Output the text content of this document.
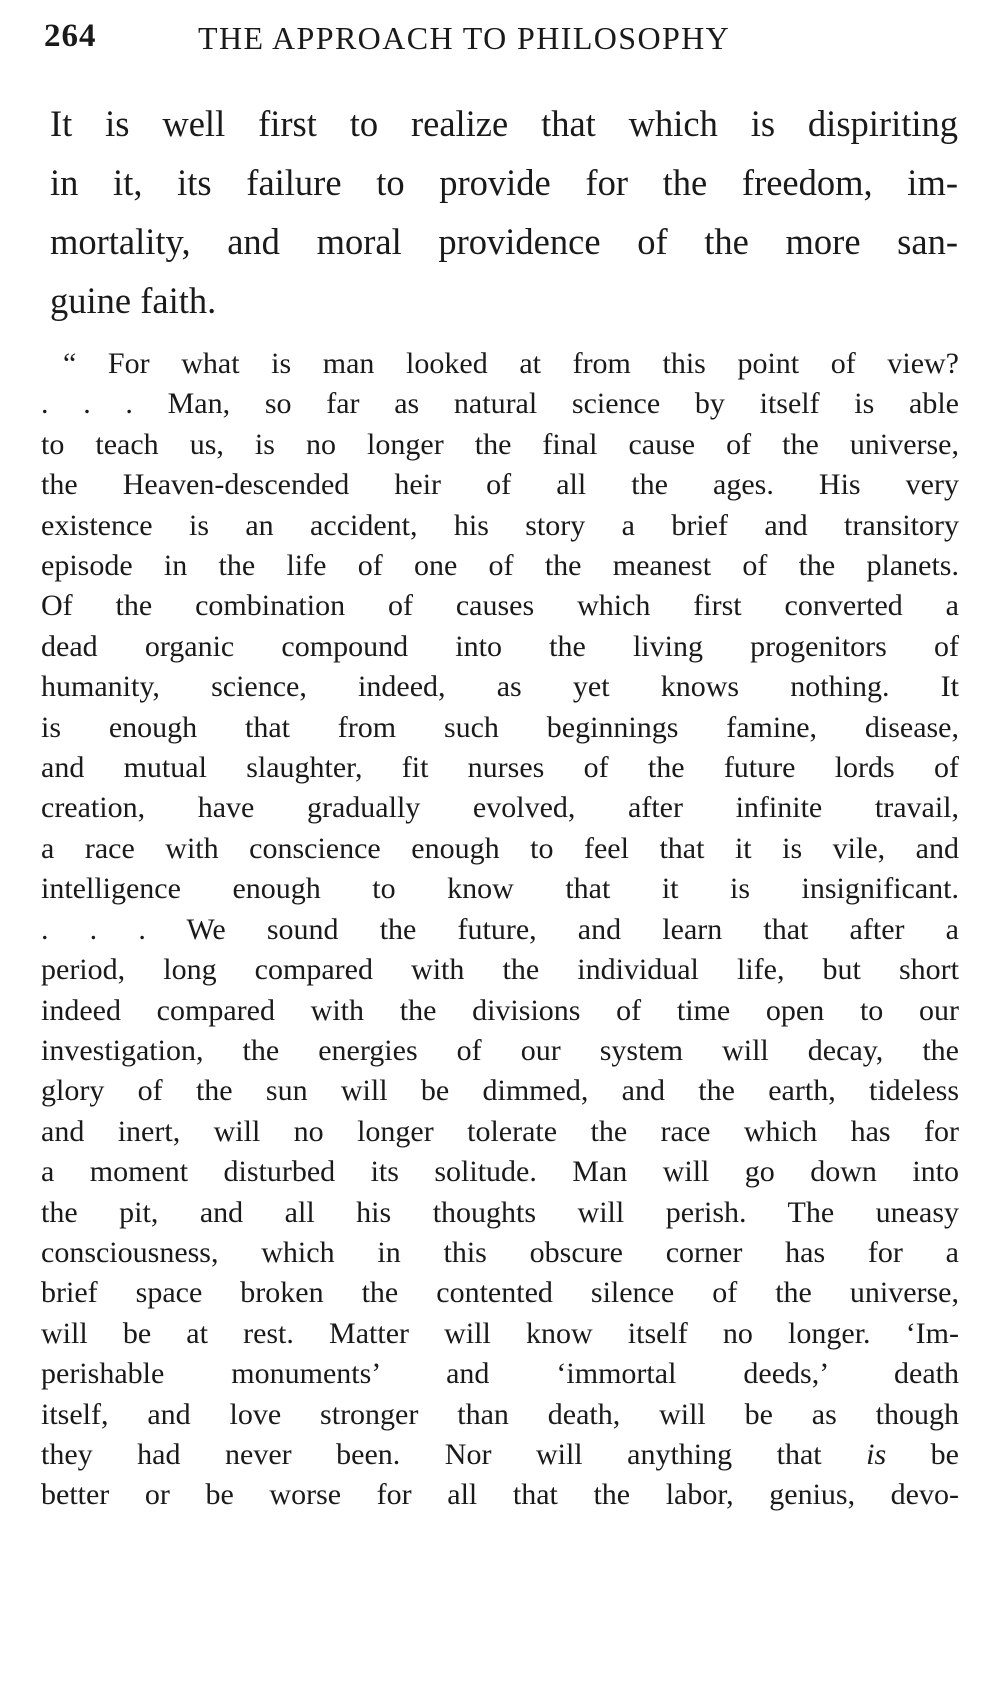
264	THE APPROACH TO PHILOSOPHY

It is well first to realize that which is dispiriting
in it, its failure to provide for the freedom, im-
mortality, and moral providence of the more san-
guine faith.

“ For what is man looked at from this point of view?
. . . Man, so far as natural science by itself is able
to teach us, is no longer the final cause of the universe,
the Heaven-descended heir of all the ages. His very
existence is an accident, his story a brief and transitory
episode in the life of one of the meanest of the planets.
Of the combination of causes which first converted a
dead organic compound into the living progenitors of
humanity, science, indeed, as yet knows nothing. It
is enough that from such beginnings famine, disease,
and mutual slaughter, fit nurses of the future lords of
creation, have gradually evolved, after infinite travail,
a race with conscience enough to feel that it is vile, and
intelligence enough to know that it is insignificant.
. . . We sound the future, and learn that after a
period, long compared with the individual life, but short
indeed compared with the divisions of time open to our
investigation, the energies of our system will decay, the
glory of the sun will be dimmed, and the earth, tideless
and inert, will no longer tolerate the race which has for
a moment disturbed its solitude. Man will go down into
the pit, and all his thoughts will perish. The uneasy
consciousness, which in this obscure corner has for a
brief space broken the contented silence of the universe,
will be at rest. Matter will know itself no longer. ‘Im-
perishable monuments’ and ‘immortal deeds,’ death
itself, and love stronger than death, will be as though
they had never been. Nor will anything that is be
better or be worse for all that the labor, genius, devo-
